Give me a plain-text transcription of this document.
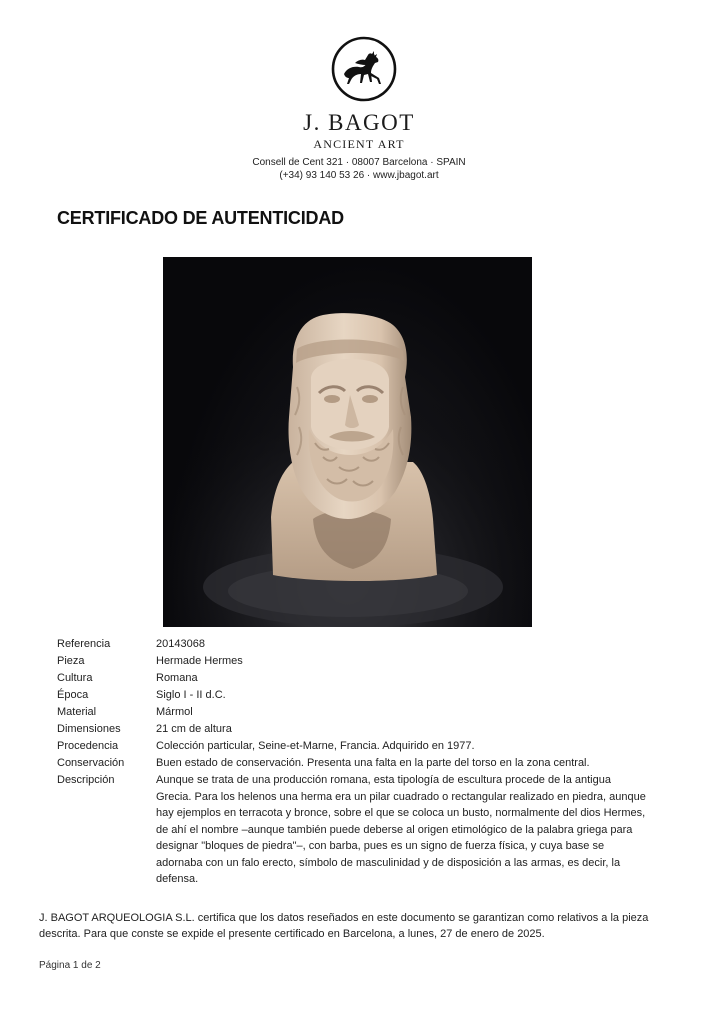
J. BAGOT
ANCIENT ART
Consell de Cent 321 · 08007 Barcelona · SPAIN
(+34) 93 140 53 26 · www.jbagot.art
CERTIFICADO DE AUTENTICIDAD
Referencia	20143068
Pieza	Hermade Hermes
Cultura	Romana
Época	Siglo I - II d.C.
Material	Mármol
Dimensiones	21 cm de altura
Procedencia	Colección particular, Seine-et-Marne, Francia. Adquirido en 1977.
Conservación	Buen estado de conservación. Presenta una falta en la parte del torso en la zona central.
Descripción	Aunque se trata de una producción romana, esta tipología de escultura procede de la antigua Grecia. Para los helenos una herma era un pilar cuadrado o rectangular realizado en piedra, aunque hay ejemplos en terracota y bronce, sobre el que se coloca un busto, normalmente del dios Hermes, de ahí el nombre –aunque también puede deberse al origen etimológico de la palabra griega para designar "bloques de piedra"–, con barba, pues es un signo de fuerza física, y cuya base se adornaba con un falo erecto, símbolo de masculinidad y de disposición a las armas, es decir, la defensa.
J. BAGOT ARQUEOLOGIA S.L. certifica que los datos reseñados en este documento se garantizan como relativos a la pieza descrita. Para que conste se expide el presente certificado en Barcelona, a lunes, 27 de enero de 2025.
Página 1 de 2
